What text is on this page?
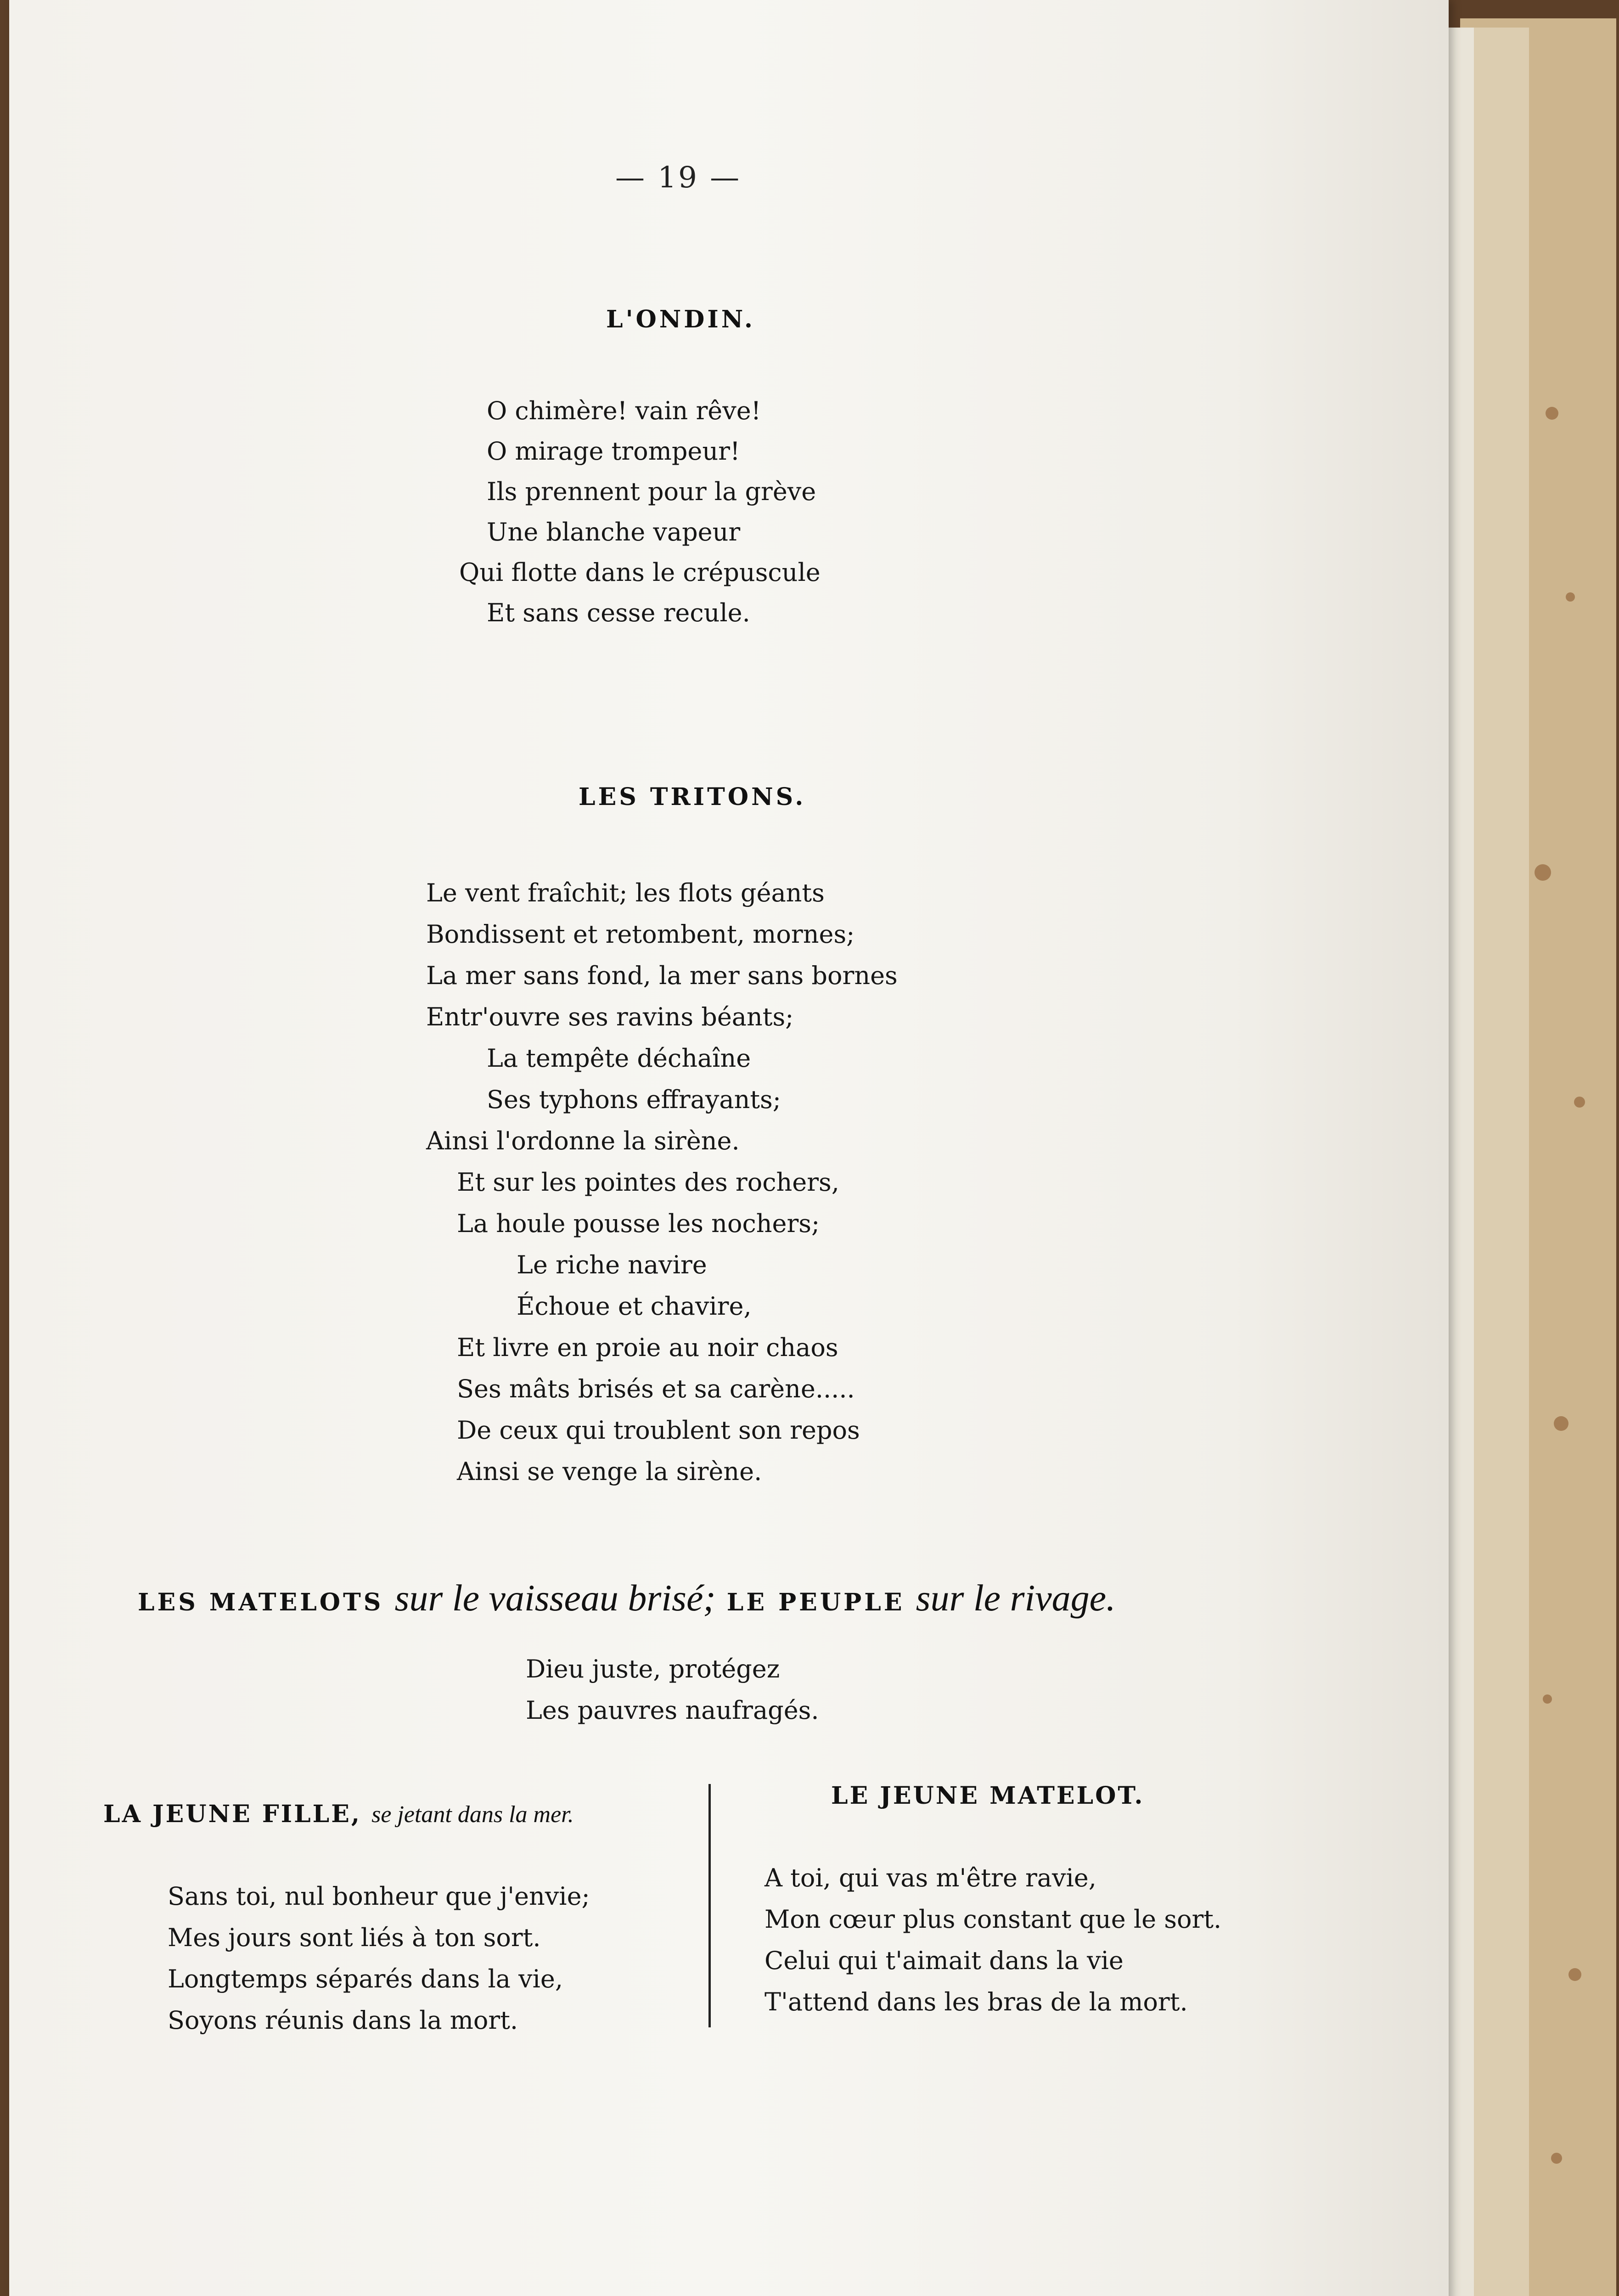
— 19 —
L'ONDIN.
O chimère! vain rêve!
O mirage trompeur!
Ils prennent pour la grève
Une blanche vapeur
Qui flotte dans le crépuscule
Et sans cesse recule.
LES TRITONS.
Le vent fraîchit; les flots géants
Bondissent et retombent, mornes;
La mer sans fond, la mer sans bornes
Entr'ouvre ses ravins béants;
La tempête déchaîne
Ses typhons effrayants;
Ainsi l'ordonne la sirène.
Et sur les pointes des rochers,
La houle pousse les nochers;
Le riche navire
Échoue et chavire,
Et livre en proie au noir chaos
Ses mâts brisés et sa carène.....
De ceux qui troublent son repos
Ainsi se venge la sirène.
LES MATELOTS sur le vaisseau brisé; LE PEUPLE sur le rivage.
Dieu juste, protégez
Les pauvres naufragés.
LA JEUNE FILLE, se jetant dans la mer.
Sans toi, nul bonheur que j'envie;
Mes jours sont liés à ton sort.
Longtemps séparés dans la vie,
Soyons réunis dans la mort.
LE JEUNE MATELOT.
A toi, qui vas m'être ravie,
Mon cœur plus constant que le sort.
Celui qui t'aimait dans la vie
T'attend dans les bras de la mort.
